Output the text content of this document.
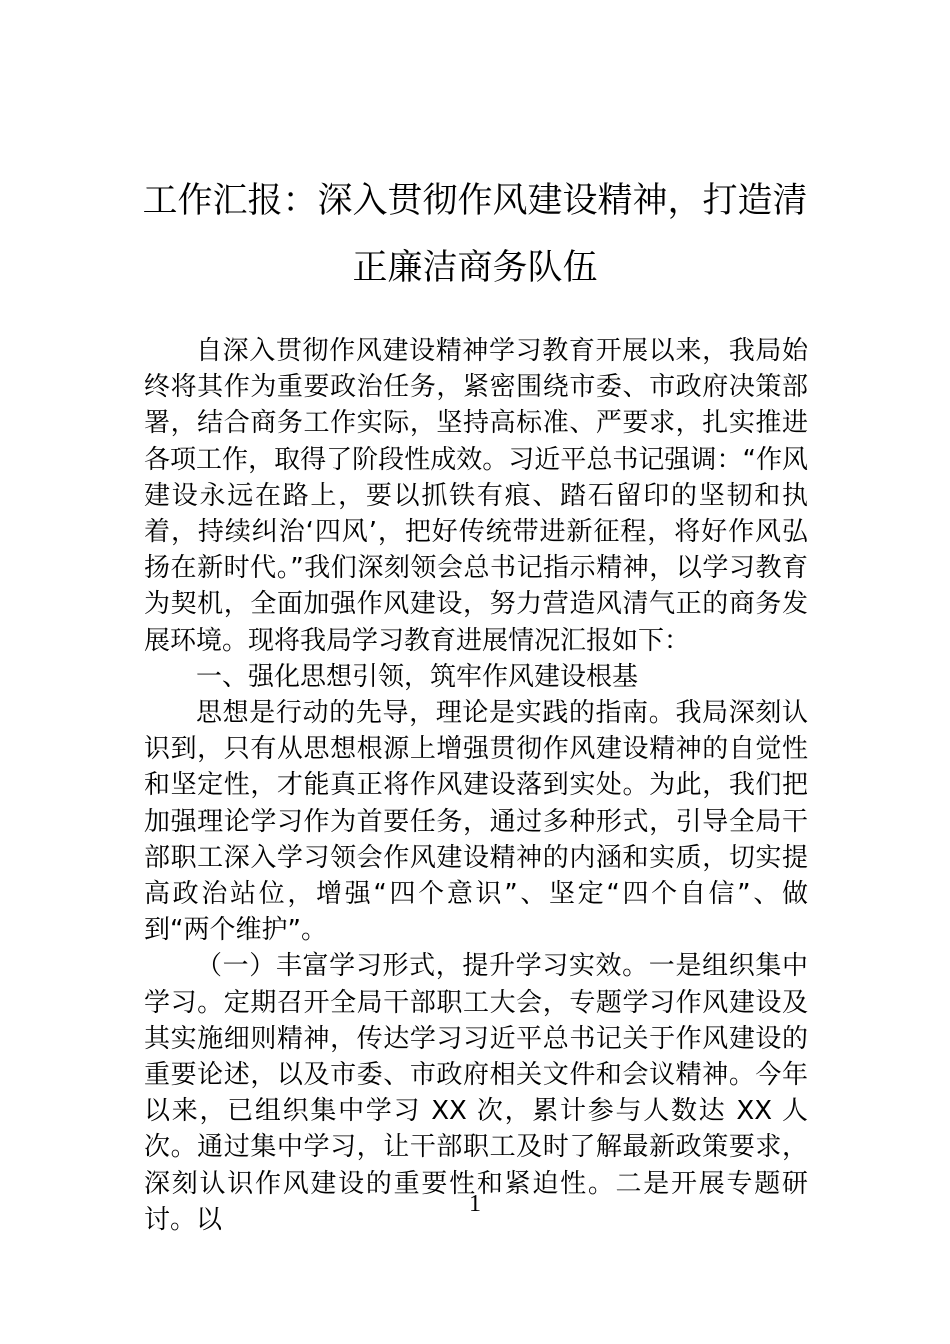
工作汇报：深入贯彻作风建设精神，打造清正廉洁商务队伍

自深入贯彻作风建设精神学习教育开展以来，我局始终将其作为重要政治任务，紧密围绕市委、市政府决策部署，结合商务工作实际，坚持高标准、严要求，扎实推进各项工作，取得了阶段性成效。习近平总书记强调：“作风建设永远在路上，要以抓铁有痕、踏石留印的坚韧和执着，持续纠治‘四风’，把好传统带进新征程，将好作风弘扬在新时代。”我们深刻领会总书记指示精神，以学习教育为契机，全面加强作风建设，努力营造风清气正的商务发展环境。现将我局学习教育进展情况汇报如下：

一、强化思想引领，筑牢作风建设根基

思想是行动的先导，理论是实践的指南。我局深刻认识到，只有从思想根源上增强贯彻作风建设精神的自觉性和坚定性，才能真正将作风建设落到实处。为此，我们把加强理论学习作为首要任务，通过多种形式，引导全局干部职工深入学习领会作风建设精神的内涵和实质，切实提高政治站位，增强“四个意识”、坚定“四个自信”、做到“两个维护”。

（一）丰富学习形式，提升学习实效。一是组织集中学习。定期召开全局干部职工大会，专题学习作风建设及其实施细则精神，传达学习习近平总书记关于作风建设的重要论述，以及市委、市政府相关文件和会议精神。今年以来，已组织集中学习 XX 次，累计参与人数达 XX 人次。通过集中学习，让干部职工及时了解最新政策要求，深刻认识作风建设的重要性和紧迫性。二是开展专题研讨。以

1
